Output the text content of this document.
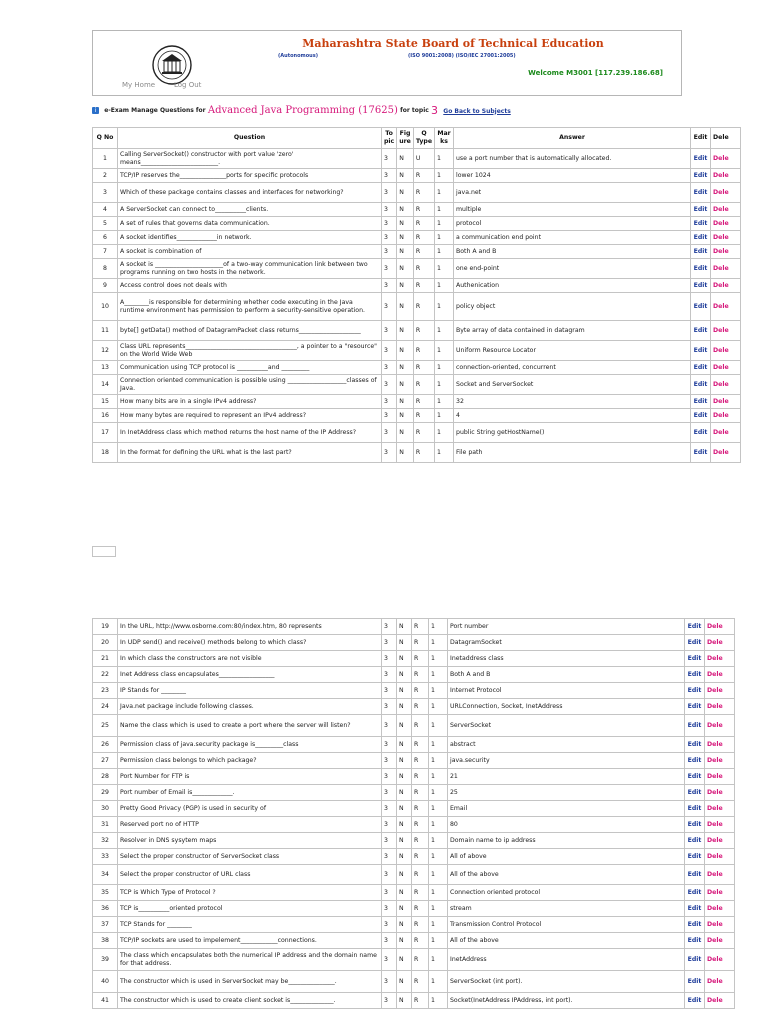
Maharashtra State Board of Technical Education
(Autonomous)	(ISO 9001:2008) (ISO/IEC 27001:2005)
Welcome M3001 [117.239.186.68]
My Home	Log Out
i e-Exam Manage Questions for Advanced Java Programming (17625) for topic 3 Go Back to Subjects
Q No	Question	To pic	Fig ure	Q Type	Mar ks	Answer	Edit	Dele
1	Calling ServerSocket() constructor with port value 'zero' means_________________________.	3	N	U	1	use a port number that is automatically allocated.	Edit	Dele
2	TCP/IP reserves the_______________ports for specific protocols	3	N	R	1	lower 1024	Edit	Dele
3	Which of these package contains classes and interfaces for networking?	3	N	R	1	java.net	Edit	Dele
4	A ServerSocket can connect to__________clients.	3	N	R	1	multiple	Edit	Dele
5	A set of rules that governs data communication.	3	N	R	1	protocol	Edit	Dele
6	A socket identifies_____________in network.	3	N	R	1	a communication end point	Edit	Dele
7	A socket is combination of	3	N	R	1	Both A and B	Edit	Dele
8	A socket is ______________________of a two-way communication link between two programs running on two hosts in the network.	3	N	R	1	one end-point	Edit	Dele
9	Access control does not deals with	3	N	R	1	Authenication	Edit	Dele
10	A________is responsible for determining whether code executing in the Java runtime environment has permission to perform a security-sensitive operation.	3	N	R	1	policy object	Edit	Dele
11	byte[] getData() method of DatagramPacket class returns____________________	3	N	R	1	Byte array of data contained in datagram	Edit	Dele
12	Class URL represents____________________________________, a pointer to a "resource" on the World Wide Web	3	N	R	1	Uniform Resource Locator	Edit	Dele
13	Communication using TCP protocol is __________and _________	3	N	R	1	connection-oriented, concurrent	Edit	Dele
14	Connection oriented communication is possible using ___________________classes of Java.	3	N	R	1	Socket and ServerSocket	Edit	Dele
15	How many bits are in a single IPv4 address?	3	N	R	1	32	Edit	Dele
16	How many bytes are required to represent an IPv4 address?	3	N	R	1	4	Edit	Dele
17	In InetAddress class which method returns the host name of the IP Address?	3	N	R	1	public String getHostName()	Edit	Dele
18	In the format for defining the URL what is the last part?	3	N	R	1	File path	Edit	Dele
19	In the URL, http://www.osborne.com:80/index.htm, 80 represents	3	N	R	1	Port number	Edit	Dele
20	In UDP send() and receive() methods belong to which class?	3	N	R	1	DatagramSocket	Edit	Dele
21	In which class the constructors are not visible	3	N	R	1	Inetaddress class	Edit	Dele
22	Inet Address class encapsulates__________________	3	N	R	1	Both A and B	Edit	Dele
23	IP Stands for ________	3	N	R	1	Internet Protocol	Edit	Dele
24	Java.net package include following classes.	3	N	R	1	URLConnection, Socket, InetAddress	Edit	Dele
25	Name the class which is used to create a port where the server will listen?	3	N	R	1	ServerSocket	Edit	Dele
26	Permission class of java.security package is_________class	3	N	R	1	abstract	Edit	Dele
27	Permission class belongs to which package?	3	N	R	1	java.security	Edit	Dele
28	Port Number for FTP is	3	N	R	1	21	Edit	Dele
29	Port number of Email is_____________.	3	N	R	1	25	Edit	Dele
30	Pretty Good Privacy (PGP) is used in security of	3	N	R	1	Email	Edit	Dele
31	Reserved port no of HTTP	3	N	R	1	80	Edit	Dele
32	Resolver in DNS sysytem maps	3	N	R	1	Domain name to ip address	Edit	Dele
33	Select the proper constructor of ServerSocket class	3	N	R	1	All of above	Edit	Dele
34	Select the proper constructor of URL class	3	N	R	1	All of the above	Edit	Dele
35	TCP is Which Type of Protocol ?	3	N	R	1	Connection oriented protocol	Edit	Dele
36	TCP is__________oriented protocol	3	N	R	1	stream	Edit	Dele
37	TCP Stands for ________	3	N	R	1	Transmission Control Protocol	Edit	Dele
38	TCP/IP sockets are used to impelement____________connections.	3	N	R	1	All of the above	Edit	Dele
39	The class which encapsulates both the numerical IP address and the domain name for that address.	3	N	R	1	InetAddress	Edit	Dele
40	The constructor which is used in ServerSocket may be_______________.	3	N	R	1	ServerSocket (int port).	Edit	Dele
41	The constructor which is used to create client socket is______________.	3	N	R	1	Socket(InetAddress IPAddress, int port).	Edit	Dele
